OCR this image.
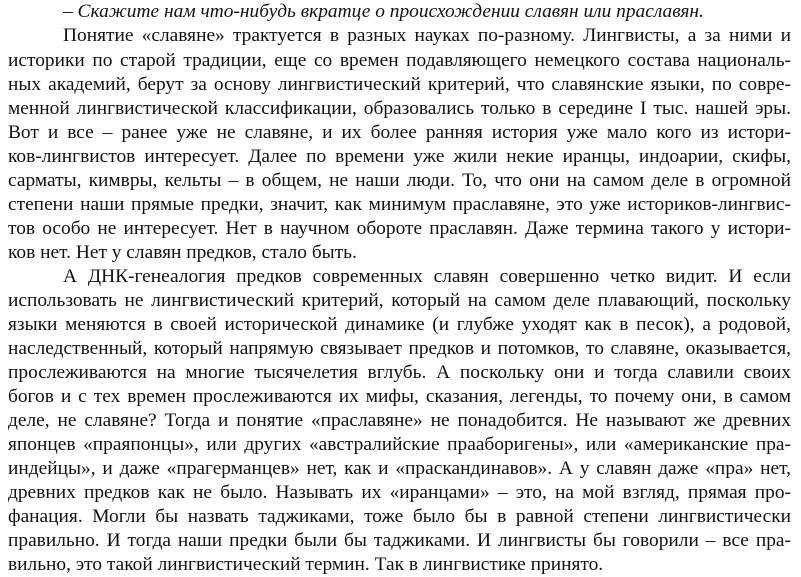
– Скажите нам что-нибудь вкратце о происхождении славян или праславян.
Понятие «славяне» трактуется в разных науках по-разному. Лингвисты, а за ними и
историки по старой традиции, еще со времен подавляющего немецкого состава националь-
ных академий, берут за основу лингвистический критерий, что славянские языки, по совре-
менной лингвистической классификации, образовались только в середине I тыс. нашей эры.
Вот и все – ранее уже не славяне, и их более ранняя история уже мало кого из истори-
ков-лингвистов интересует. Далее по времени уже жили некие иранцы, индоарии, скифы,
сарматы, кимвры, кельты – в общем, не наши люди. То, что они на самом деле в огромной
степени наши прямые предки, значит, как минимум праславяне, это уже историков-лингвис-
тов особо не интересует. Нет в научном обороте праславян. Даже термина такого у истори-
ков нет. Нет у славян предков, стало быть.
А ДНК-генеалогия предков современных славян совершенно четко видит. И если
использовать не лингвистический критерий, который на самом деле плавающий, поскольку
языки меняются в своей исторической динамике (и глубже уходят как в песок), а родовой,
наследственный, который напрямую связывает предков и потомков, то славяне, оказывается,
прослеживаются на многие тысячелетия вглубь. А поскольку они и тогда славили своих
богов и с тех времен прослеживаются их мифы, сказания, легенды, то почему они, в самом
деле, не славяне? Тогда и понятие «праславяне» не понадобится. Не называют же древних
японцев «праяпонцы», или других «австралийские прааборигены», или «американские пра-
индейцы», и даже «прагерманцев» нет, как и «праскандинавов». А у славян даже «пра» нет,
древних предков как не было. Называть их «иранцами» – это, на мой взгляд, прямая про-
фанация. Могли бы назвать таджиками, тоже было бы в равной степени лингвистически
правильно. И тогда наши предки были бы таджиками. И лингвисты бы говорили – все пра-
вильно, это такой лингвистический термин. Так в лингвистике принято.
